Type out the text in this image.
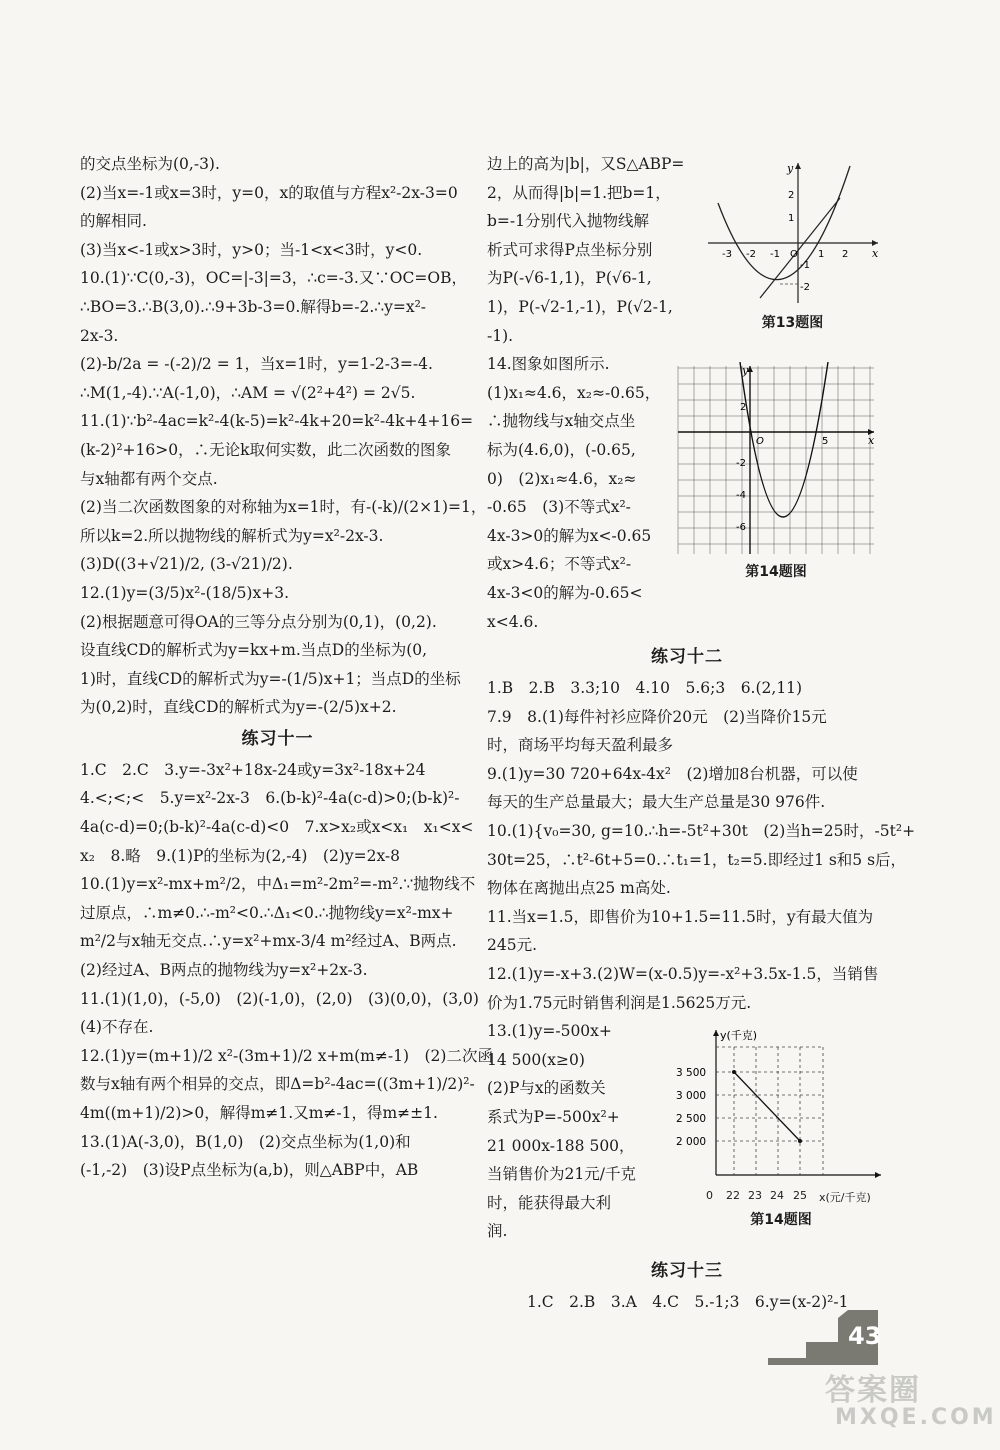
的交点坐标为(0,-3).
(2)当x=-1或x=3时，y=0，x的取值与方程x²-2x-3=0
的解相同.
(3)当x<-1或x>3时，y>0；当-1<x<3时，y<0.
10.(1)∵C(0,-3)，OC=|-3|=3，∴c=-3.又∵OC=OB，
∴BO=3.∴B(3,0).∴9+3b-3=0.解得b=-2.∴y=x²-
2x-3.
(2)-b/2a = -(-2)/2 = 1，当x=1时，y=1-2-3=-4.
∴M(1,-4).∵A(-1,0)，∴AM = √(2²+4²) = 2√5.
11.(1)∵b²-4ac=k²-4(k-5)=k²-4k+20=k²-4k+4+16=
(k-2)²+16>0，∴无论k取何实数，此二次函数的图象
与x轴都有两个交点.
(2)当二次函数图象的对称轴为x=1时，有-(-k)/(2×1)=1，
所以k=2.所以抛物线的解析式为y=x²-2x-3.
(3)D((3+√21)/2, (3-√21)/2).
12.(1)y=(3/5)x²-(18/5)x+3.
(2)根据题意可得OA的三等分点分别为(0,1)，(0,2).
设直线CD的解析式为y=kx+m.当点D的坐标为(0,
1)时，直线CD的解析式为y=-(1/5)x+1；当点D的坐标
为(0,2)时，直线CD的解析式为y=-(2/5)x+2.
练习十一
1.C　2.C　3.y=-3x²+18x-24或y=3x²-18x+24
4.<;<;<　5.y=x²-2x-3　6.(b-k)²-4a(c-d)>0;(b-k)²-
4a(c-d)=0;(b-k)²-4a(c-d)<0　7.x>x₂或x<x₁　x₁<x<
x₂　8.略　9.(1)P的坐标为(2,-4)　(2)y=2x-8
10.(1)y=x²-mx+m²/2，中Δ₁=m²-2m²=-m².∵抛物线不
过原点，∴m≠0.∴-m²<0.∴Δ₁<0.∴抛物线y=x²-mx+
m²/2与x轴无交点.∴y=x²+mx-3/4 m²经过A、B两点.
(2)经过A、B两点的抛物线为y=x²+2x-3.
11.(1)(1,0)，(-5,0)　(2)(-1,0)，(2,0)　(3)(0,0)，(3,0)
(4)不存在.
12.(1)y=(m+1)/2 x²-(3m+1)/2 x+m(m≠-1)　(2)二次函
数与x轴有两个相异的交点，即Δ=b²-4ac=((3m+1)/2)²-
4m((m+1)/2)>0，解得m≠1.又m≠-1，得m≠±1.
13.(1)A(-3,0)，B(1,0)　(2)交点坐标为(1,0)和
(-1,-2)　(3)设P点坐标为(a,b)，则△ABP中，AB
边上的高为|b|，又S△ABP=
2，从而得|b|=1.把b=1，
b=-1分别代入抛物线解
析式可求得P点坐标分别
为P(-√6-1,1)，P(√6-1,
1)，P(-√2-1,-1)，P(√2-1,
-1).
14.图象如图所示.
(1)x₁≈4.6，x₂≈-0.65，
∴抛物线与x轴交点坐
标为(4.6,0)，(-0.65,
0)　(2)x₁≈4.6，x₂≈
-0.65　(3)不等式x²-
4x-3>0的解为x<-0.65
或x>4.6；不等式x²-
4x-3<0的解为-0.65<
x<4.6.
练习十二
1.B　2.B　3.3;10　4.10　5.6;3　6.(2,11)
7.9　8.(1)每件衬衫应降价20元　(2)当降价15元
时，商场平均每天盈利最多
9.(1)y=30 720+64x-4x²　(2)增加8台机器，可以使
每天的生产总量最大；最大生产总量是30 976件.
10.(1){v₀=30, g=10.∴h=-5t²+30t　(2)当h=25时，-5t²+
30t=25，∴t²-6t+5=0.∴t₁=1，t₂=5.即经过1 s和5 s后，
物体在离抛出点25 m高处.
11.当x=1.5，即售价为10+1.5=11.5时，y有最大值为
245元.
12.(1)y=-x+3.(2)W=(x-0.5)y=-x²+3.5x-1.5，当销售
价为1.75元时销售利润是1.5625万元.
13.(1)y=-500x+
14 500(x≥0)
(2)P与x的函数关
系式为P=-500x²+
21 000x-188 500，
当销售价为21元/千克
时，能获得最大利
润.
练习十三
1.C　2.B　3.A　4.C　5.-1;3　6.y=(x-2)²-1
x
y
-3 -2 -1 O 1 2
2
1
-1
-2
第13题图
x
y
O	5
2
-2
-4
-6
第14题图
y(千克)
3 500
3 000
2 500
2 000
0 22 23 24 25 x(元/千克)
第14题图
43
答案圈
MXQE.COM
